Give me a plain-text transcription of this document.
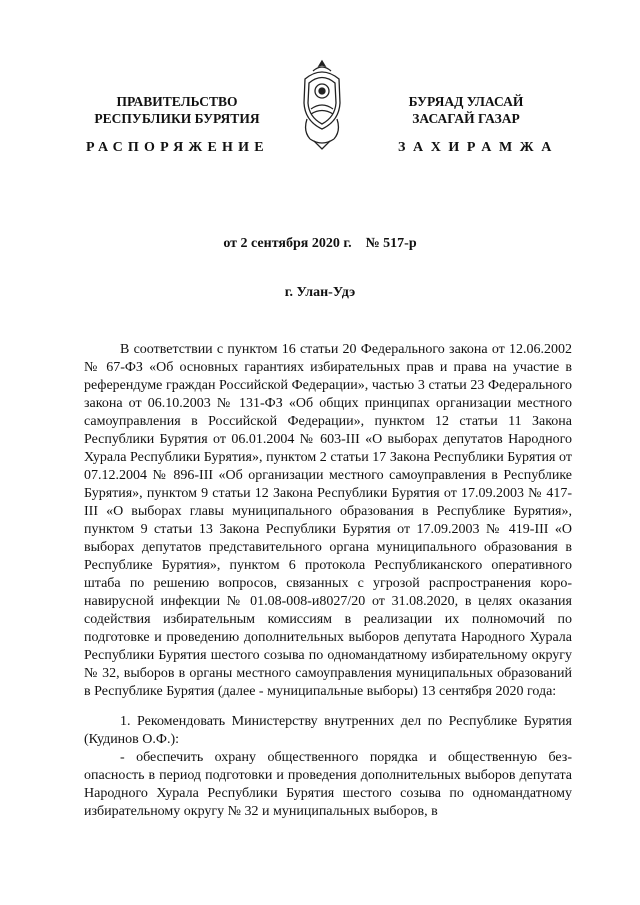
ПРАВИТЕЛЬСТВО
РЕСПУБЛИКИ БУРЯТИЯ
БУРЯАД УЛАСАЙ
ЗАСАГАЙ ГАЗАР
РАСПОРЯЖЕНИЕ	ЗАХИРАМЖА
от 2 сентября 2020 г. № 517-р
г. Улан-Удэ

В соответствии с пунктом 16 статьи 20 Федерального закона от 12.06.2002 № 67-ФЗ «Об основных гарантиях избирательных прав и права на участие в референдуме граждан Российской Федерации», частью 3 статьи 23 Федерального закона от 06.10.2003 № 131-ФЗ «Об общих принципах организации местного самоуправления в Российской Федерации», пунктом 12 статьи 11 Закона Республики Бурятия от 06.01.2004 № 603-III «О выборах депутатов Народного Хурала Республики Бурятия», пунктом 2 статьи 17 Закона Республики Бурятия от 07.12.2004 № 896-III «Об организации местного самоуправления в Республике Бурятия», пунктом 9 статьи 12 Закона Республики Бурятия от 17.09.2003 № 417-III «О выборах главы муниципального образования в Республике Бурятия», пунктом 9 статьи 13 Закона Республики Бурятия от 17.09.2003 № 419-III «О выборах депутатов представительного органа муниципального образования в Республике Бурятия», пунктом 6 протокола Республиканского оперативного штаба по решению вопросов, связанных с угрозой распространения коронавирусной инфекции № 01.08-008-и8027/20 от 31.08.2020, в целях оказания содействия избирательным комиссиям в реализации их полномочий по подготовке и проведению дополнительных выборов депутата Народного Хурала Республики Бурятия шестого созыва по одномандатному избирательному округу № 32, выборов в органы местного самоуправления муниципальных образований в Республике Бурятия (далее - муниципальные выборы) 13 сентября 2020 года:

1. Рекомендовать Министерству внутренних дел по Республике Бурятия (Кудинов О.Ф.):

- обеспечить охрану общественного порядка и общественную безопасность в период подготовки и проведения дополнительных выборов депутата Народного Хурала Республики Бурятия шестого созыва по одномандатному избирательному округу № 32 и муниципальных выборов, в
